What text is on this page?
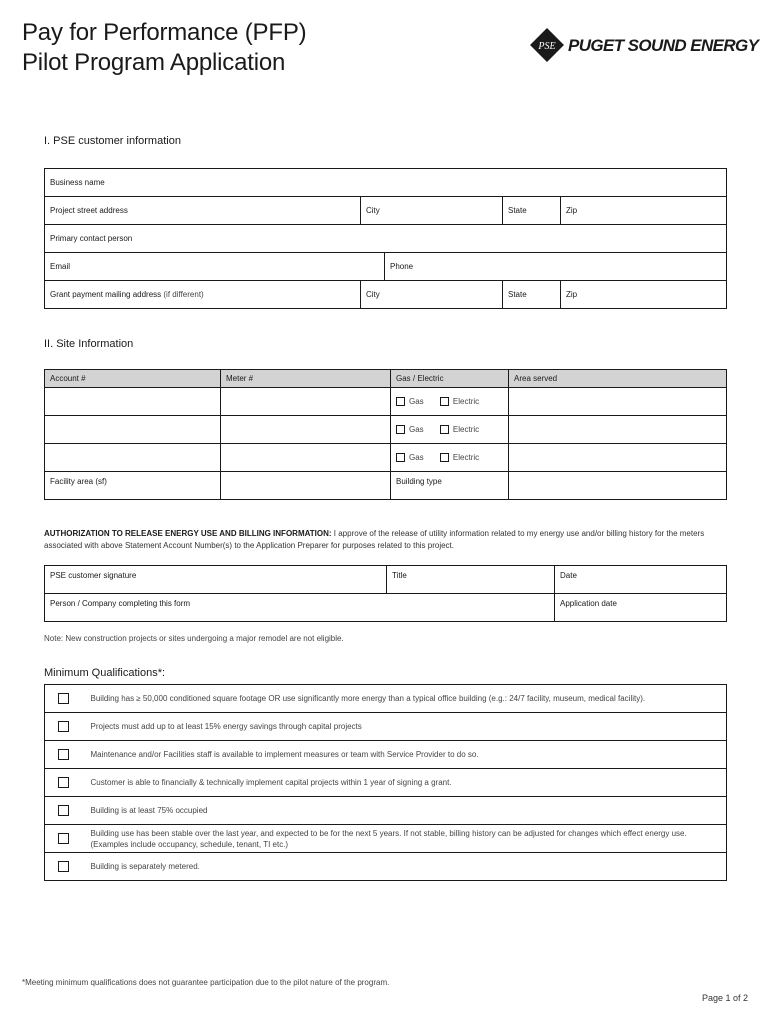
Pay for Performance (PFP)
Pilot Program Application
PSE PUGET SOUND ENERGY
I. PSE customer information
Business name				
Project street address	City		State	Zip
Primary contact person				
Email		Phone		
Grant payment mailing address (if different)	City		State	Zip
II. Site Information
Account #	Meter #	Gas / Electric	Area served
		Gas Electric	
		Gas Electric	
		Gas Electric	
Facility area (sf)		Building type	
AUTHORIZATION TO RELEASE ENERGY USE AND BILLING INFORMATION: I approve of the release of utility information related to my energy use and/or billing history for the meters associated with above Statement Account Number(s) to the Application Preparer for purposes related to this project.
PSE customer signature	Title	Date
Person / Company completing this form		Application date
Note: New construction projects or sites undergoing a major remodel are not eligible.
Minimum Qualifications*:
	Building has ≥ 50,000 conditioned square footage OR use significantly more energy than a typical office building (e.g.: 24/7 facility, museum, medical facility).
	Projects must add up to at least 15% energy savings through capital projects
	Maintenance and/or Facilities staff is available to implement measures or team with Service Provider to do so.
	Customer is able to financially & technically implement capital projects within 1 year of signing a grant.
	Building is at least 75% occupied
	Building use has been stable over the last year, and expected to be for the next 5 years. If not stable, billing history can be adjusted for changes which effect energy use. (Examples include occupancy, schedule, tenant, TI etc.)
	Building is separately metered.
*Meeting minimum qualifications does not guarantee participation due to the pilot nature of the program.
Page 1 of 2
